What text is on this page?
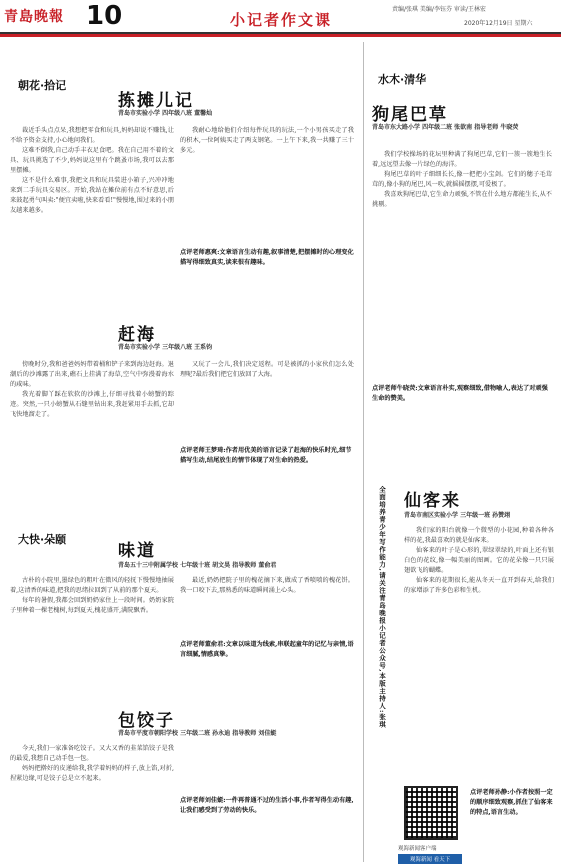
青島晚報 10	小记者作文课
责编/张琪 美编/李钰芬 审读/王林宏
2020年12月19日 星期六
朝花·拾记
拣摊儿记
青岛市实验小学 四年级八班 董馨灿

裁近手头点点呆,我想把零食和玩具,妈妈却说不赚钱,让不给予资金支持,小心地问我们。

这难不倒我,自己动手丰衣足食吧。我在自己用不着的文具、玩具挑选了不少,妈妈说这里有个跳蚤市场,我可以去那里摆摊。

这不是什么难事,我把文具和玩具装进小箱子,兴冲冲地来到二手玩具交易区。开始,我站在摊位前有点不好意思,后来鼓起勇气叫卖:"便宜卖啦,快来看看!"慢慢地,围过来的小朋友越来越多。

我耐心地给他们介绍每件玩具的玩法,一个小男孩买走了我的积木,一位阿姨买走了两支钢笔。一上午下来,我一共赚了三十多元。

点评老师惠爽:文章语言生动有趣,叙事清楚,把摆摊时的心理变化描写得细致真实,读来很有趣味。
赶海
青岛市实验小学 三年级八班 王系钧

傍晚时分,我和爸爸妈妈带着桶和铲子来到海边赶海。退潮后的沙滩露了出来,礁石上挂满了海草,空气中弥漫着海水的咸味。

我光着脚丫踩在软软的沙滩上,仔细寻找着小螃蟹的踪迹。突然,一只小螃蟹从石缝里钻出来,我赶紧用手去抓,它却飞快地溜走了。

又玩了一会儿,我们决定返程。可是被抓的小家伙们怎么处理呢?最后我们把它们放回了大海。

点评老师王梦琦:作者用优美的语言记录了赶海的快乐时光,细节描写生动,结尾放生的情节体现了对生命的热爱。
大快·朵颐
味道
青岛五十三中附属学校 七年级十班 胡文昊 指导教师 董俞君

古朴的小院里,墨绿色的粗叶在微风的轻抚下慢慢地抽展着,这清香的味道,把我的思绪拉回到了从前的那个夏天。

每年的暑假,我都会回到奶奶家住上一段时间。奶奶家院子里种着一棵老槐树,每到夏天,槐花盛开,满院飘香。

最近,奶奶把院子里的槐花摘下来,做成了香喷喷的槐花饼。我一口咬下去,那熟悉的味道瞬间涌上心头。

点评老师董俞君:文章以味道为线索,串联起童年的记忆与亲情,语言细腻,情感真挚。
包饺子
青岛市平度市朝阳学校 三年级二班 孙永迪 指导教师 刘佳蜓

今天,我们一家准备吃饺子。又大又香的韭菜馅饺子是我的最爱,我想自己动手包一包。

妈妈把擀好的皮递给我,我学着妈妈的样子,放上馅,对折,捏紧边缘,可是饺子总是立不起来。

点评老师刘佳蜓:一件再普通不过的生活小事,作者写得生动有趣,让我们感受到了劳动的快乐。
水木·清华
狗尾巴草
青岛市东大路小学 四年级二班 张欲南 指导老师 牛晓荧

我们学校操场的花坛里种满了狗尾巴草,它们一簇一簇地生长着,远远望去像一片绿色的海洋。

狗尾巴草的叶子细细长长,像一把把小宝剑。它们的穗子毛茸茸的,像小狗的尾巴,风一吹,就摇摇摆摆,可爱极了。

我喜欢狗尾巴草,它生命力顽强,不管在什么地方都能生长,从不挑剔。

点评老师牛晓荧:文章语言朴实,观察细致,借物喻人,表达了对顽强生命的赞美。
仙客来
青岛市南区实验小学 三年级一班 孙赞翊

我们家的阳台就像一个微型的小花园,种着各种各样的花,我最喜欢的就是仙客来。

仙客来的叶子是心形的,翠绿翠绿的,叶面上还有银白色的花纹,像一幅美丽的图画。它的花朵像一只只展翅欲飞的蝴蝶。

仙客来的花期很长,能从冬天一直开到春天,给我们的家增添了许多色彩和生机。

点评老师孙静:小作者按照一定的顺序细致观察,抓住了仙客来的特点,语言生动。
全面培养青少年写作能力,请关注青岛晚报小记者公众号,本版主持人:张琪
观海新闻客户端
观海新闻 看天下
